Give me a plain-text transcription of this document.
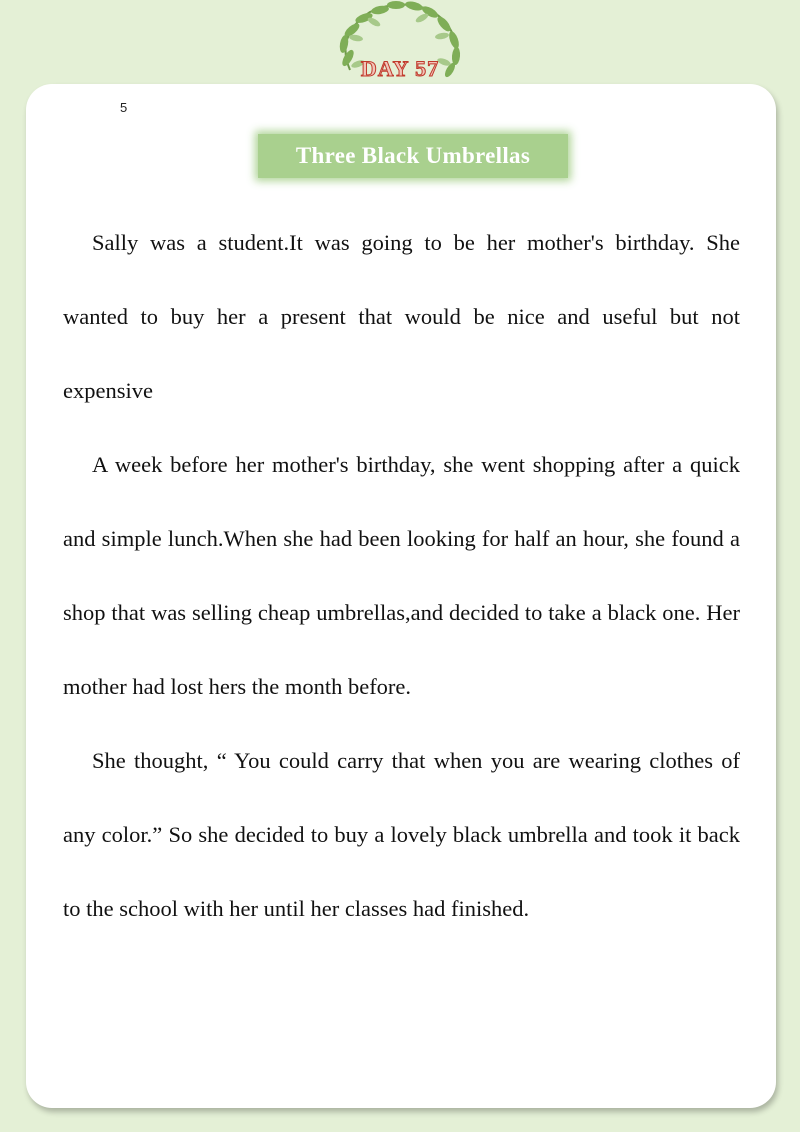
DAY 57
5
Three Black Umbrellas

Sally was a student.It was going to be her mother's birthday. She wanted to buy her a present that would be nice and useful but not expensive

A week before her mother's birthday, she went shopping after a quick and simple lunch.When she had been looking for half an hour, she found a shop that was selling cheap umbrellas,and decided to take a black one. Her mother had lost hers the month before.

She thought, “ You could carry that when you are wearing clothes of any color.” So she decided to buy a lovely black umbrella and took it back to the school with her until her classes had finished.
